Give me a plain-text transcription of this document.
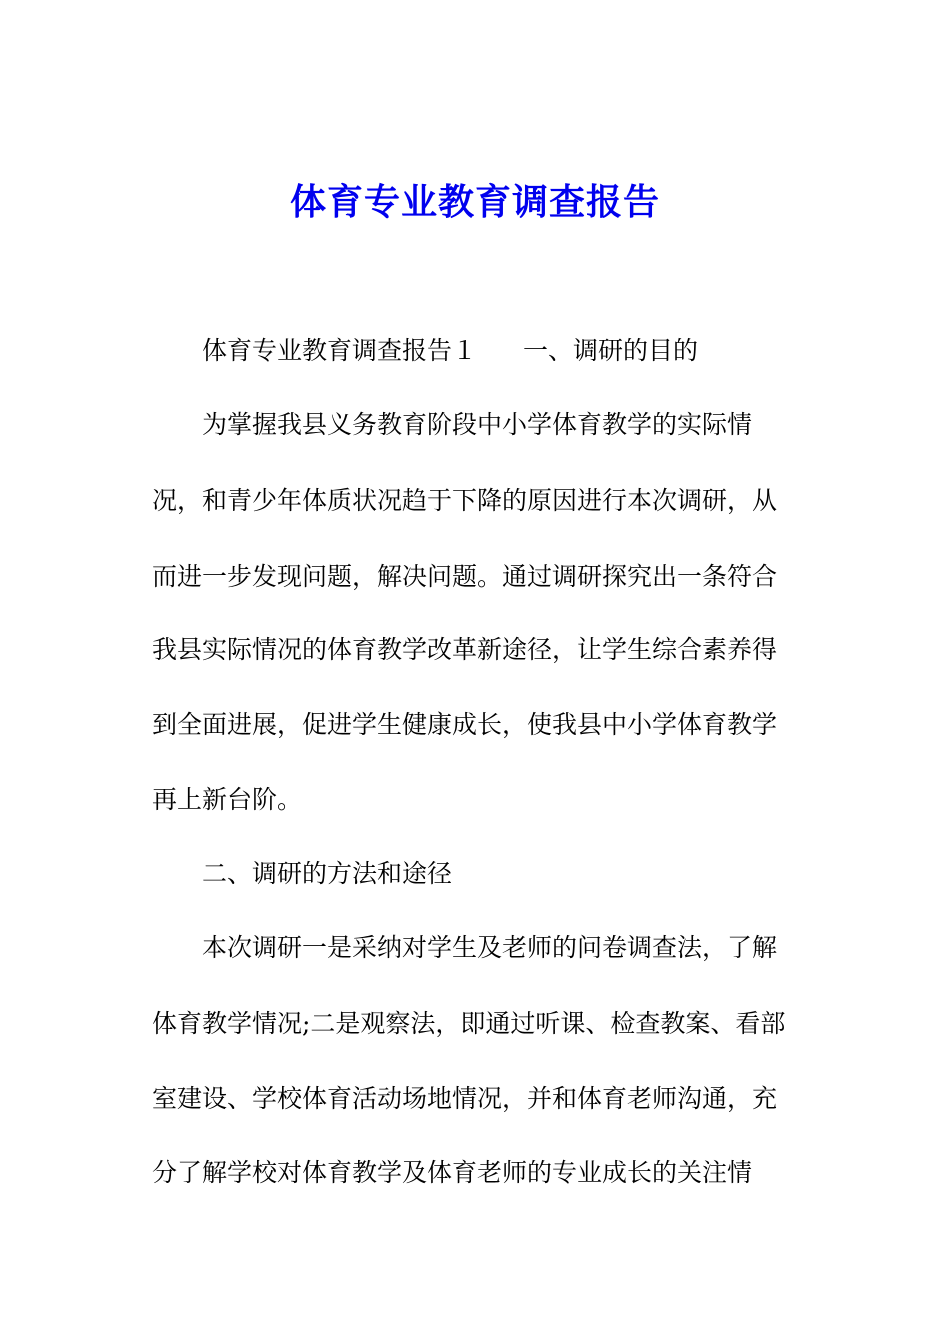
体育专业教育调查报告

体育专业教育调查报告１ 一、调研的目的

为掌握我县义务教育阶段中小学体育教学的实际情

况，和青少年体质状况趋于下降的原因进行本次调研，从

而进一步发现问题，解决问题。通过调研探究出一条符合

我县实际情况的体育教学改革新途径，让学生综合素养得

到全面进展，促进学生健康成长，使我县中小学体育教学

再上新台阶。

二、调研的方法和途径

本次调研一是采纳对学生及老师的问卷调查法，了解

体育教学情况;二是观察法，即通过听课、检查教案、看部

室建设、学校体育活动场地情况，并和体育老师沟通，充

分了解学校对体育教学及体育老师的专业成长的关注情
